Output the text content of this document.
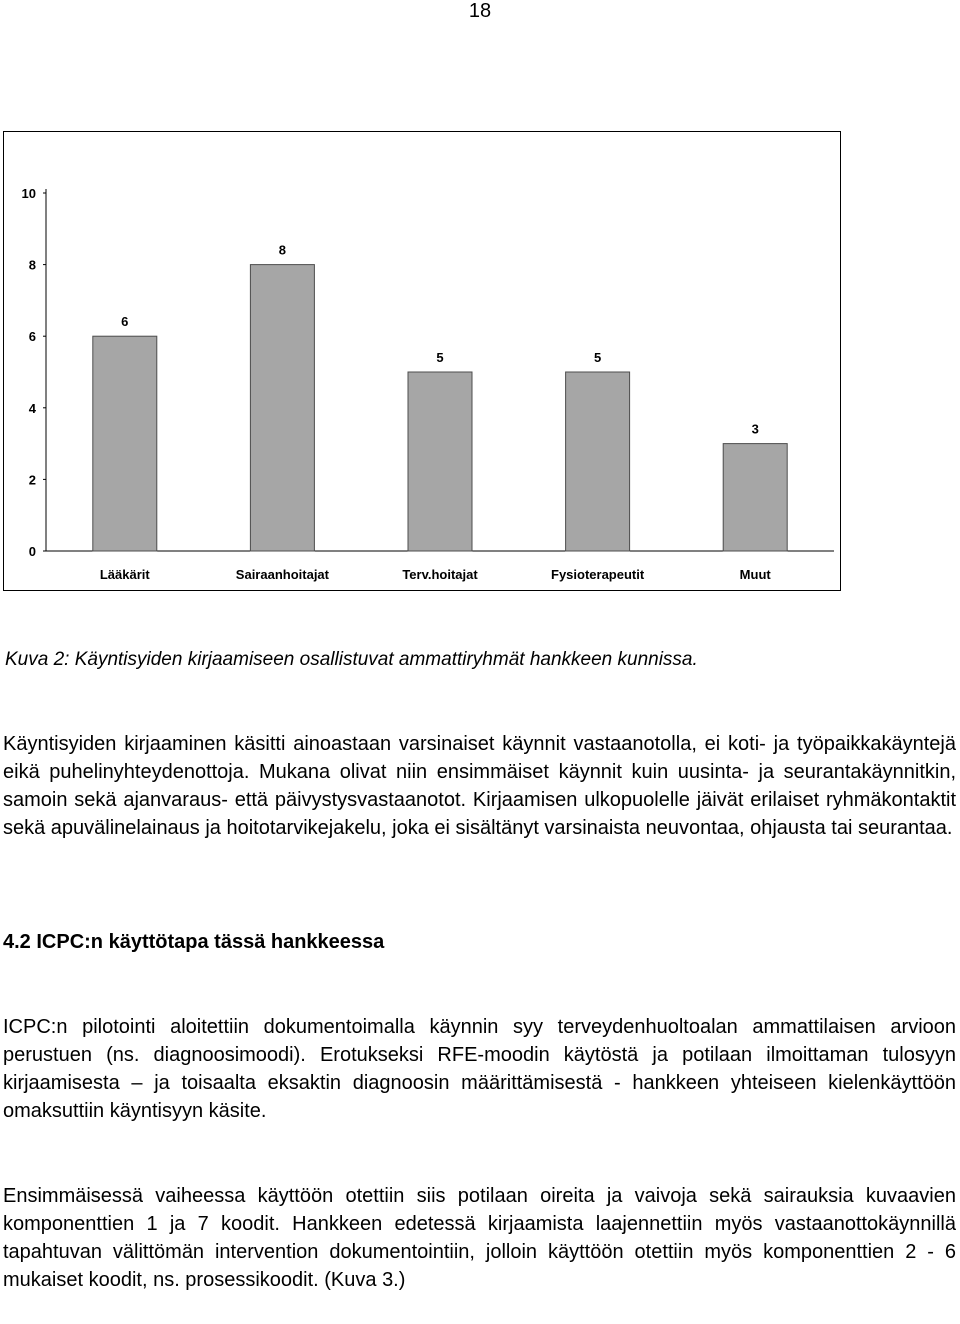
18
0
2
4
6
8
10
6
Lääkärit
8
Sairaanhoitajat
5
Terv.hoitajat
5
Fysioterapeutit
3
Muut
Kuva 2: Käyntisyiden kirjaamiseen osallistuvat ammattiryhmät hankkeen kunnissa.

Käyntisyiden kirjaaminen käsitti ainoastaan varsinaiset käynnit vastaanotolla, ei koti- ja työpaikkakäyntejä eikä puhelinyhteydenottoja. Mukana olivat niin ensimmäiset käynnit kuin uusinta- ja seurantakäynnitkin, samoin sekä ajanvaraus- että päivystysvastaanotot. Kirjaamisen ulkopuolelle jäivät erilaiset ryhmäkontaktit sekä apuvälinelainaus ja hoitotarvikejakelu, joka ei sisältänyt varsinaista neuvontaa, ohjausta tai seurantaa.

4.2 ICPC:n käyttötapa tässä hankkeessa

ICPC:n pilotointi aloitettiin dokumentoimalla käynnin syy terveydenhuoltoalan ammattilaisen arvioon perustuen (ns. diagnoosimoodi). Erotukseksi RFE-moodin käytöstä ja potilaan ilmoittaman tulosyyn kirjaamisesta – ja toisaalta eksaktin diagnoosin määrittämisestä - hankkeen yhteiseen kielenkäyttöön omaksuttiin käyntisyyn käsite.

Ensimmäisessä vaiheessa käyttöön otettiin siis potilaan oireita ja vaivoja sekä sairauksia kuvaavien komponenttien 1 ja 7 koodit. Hankkeen edetessä kirjaamista laajennettiin myös vastaanottokäynnillä tapahtuvan välittömän intervention dokumentointiin, jolloin käyttöön otettiin myös komponenttien 2 - 6 mukaiset koodit, ns. prosessikoodit. (Kuva 3.)
